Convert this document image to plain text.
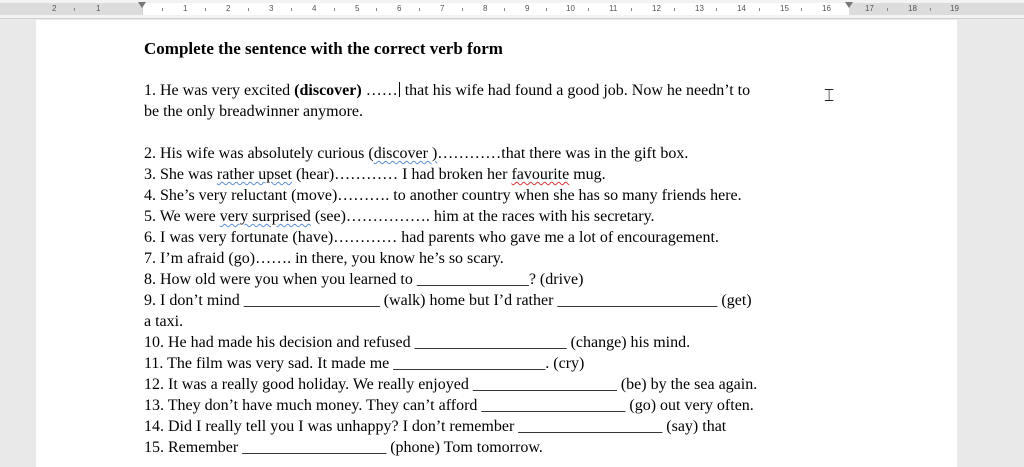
2	1	1	2	3	4	5	6	7	8	9	10	11	12	13	14	15	16	17	18	19
Complete the sentence with the correct verb form
1. He was very excited (discover) …… that his wife had found a good job. Now he needn’t to
be the only breadwinner anymore.
2. His wife was absolutely curious (discover )…………that there was in the gift box.
3. She was rather upset (hear)………… I had broken her favourite mug.
4. She’s very reluctant (move)………. to another country when she has so many friends here.
5. We were very surprised (see)……………. him at the races with his secretary.
6. I was very fortunate (have)………… had parents who gave me a lot of encouragement.
7. I’m afraid (go)……. in there, you know he’s so scary.
8. How old were you when you learned to ______________? (drive)
9. I don’t mind _________________ (walk) home but I’d rather ____________________ (get)
a taxi.
10. He had made his decision and refused ___________________ (change) his mind.
11. The film was very sad. It made me ___________________. (cry)
12. It was a really good holiday. We really enjoyed __________________ (be) by the sea again.
13. They don’t have much money. They can’t afford __________________ (go) out very often.
14. Did I really tell you I was unhappy? I don’t remember __________________ (say) that
15. Remember __________________ (phone) Tom tomorrow.
⌶
